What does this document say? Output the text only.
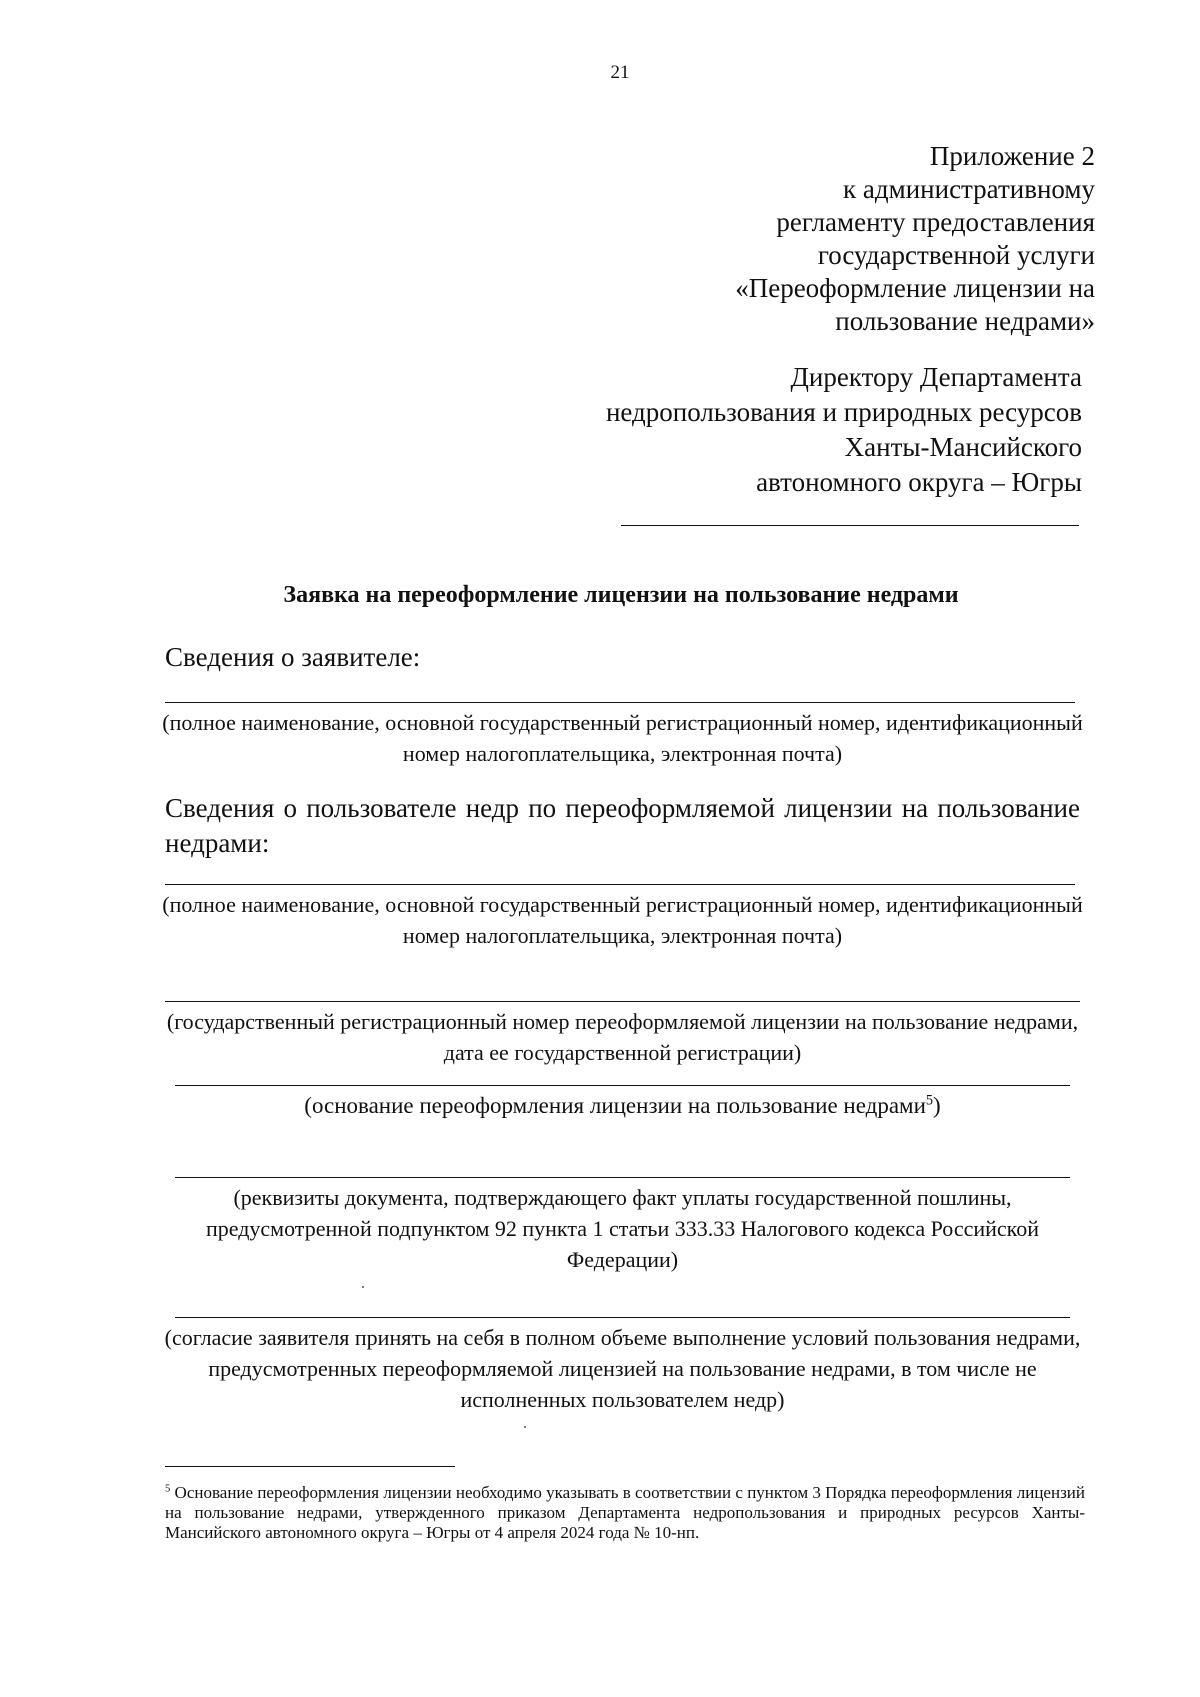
21
Приложение 2
к административному
регламенту предоставления
государственной услуги
«Переоформление лицензии на
пользование недрами»
Директору Департамента
недропользования и природных ресурсов
Ханты-Мансийского
автономного округа – Югры
Заявка на переоформление лицензии на пользование недрами
Сведения о заявителе:
(полное наименование, основной государственный регистрационный номер, идентификационный номер налогоплательщика, электронная почта)
Сведения о пользователе недр по переоформляемой лицензии на пользование недрами:
(полное наименование, основной государственный регистрационный номер, идентификационный номер налогоплательщика, электронная почта)
(государственный регистрационный номер переоформляемой лицензии на пользование недрами, дата ее государственной регистрации)
(основание переоформления лицензии на пользование недрами$^5$)
(реквизиты документа, подтверждающего факт уплаты государственной пошлины, предусмотренной подпунктом 92 пункта 1 статьи 333.33 Налогового кодекса Российской Федерации)
(согласие заявителя принять на себя в полном объеме выполнение условий пользования недрами, предусмотренных переоформляемой лицензией на пользование недрами, в том числе не исполненных пользователем недр)
$^5$ Основание переоформления лицензии необходимо указывать в соответствии с пунктом 3 Порядка переоформления лицензий на пользование недрами, утвержденного приказом Департамента недропользования и природных ресурсов Ханты-Мансийского автономного округа – Югры от 4 апреля 2024 года № 10-нп.
